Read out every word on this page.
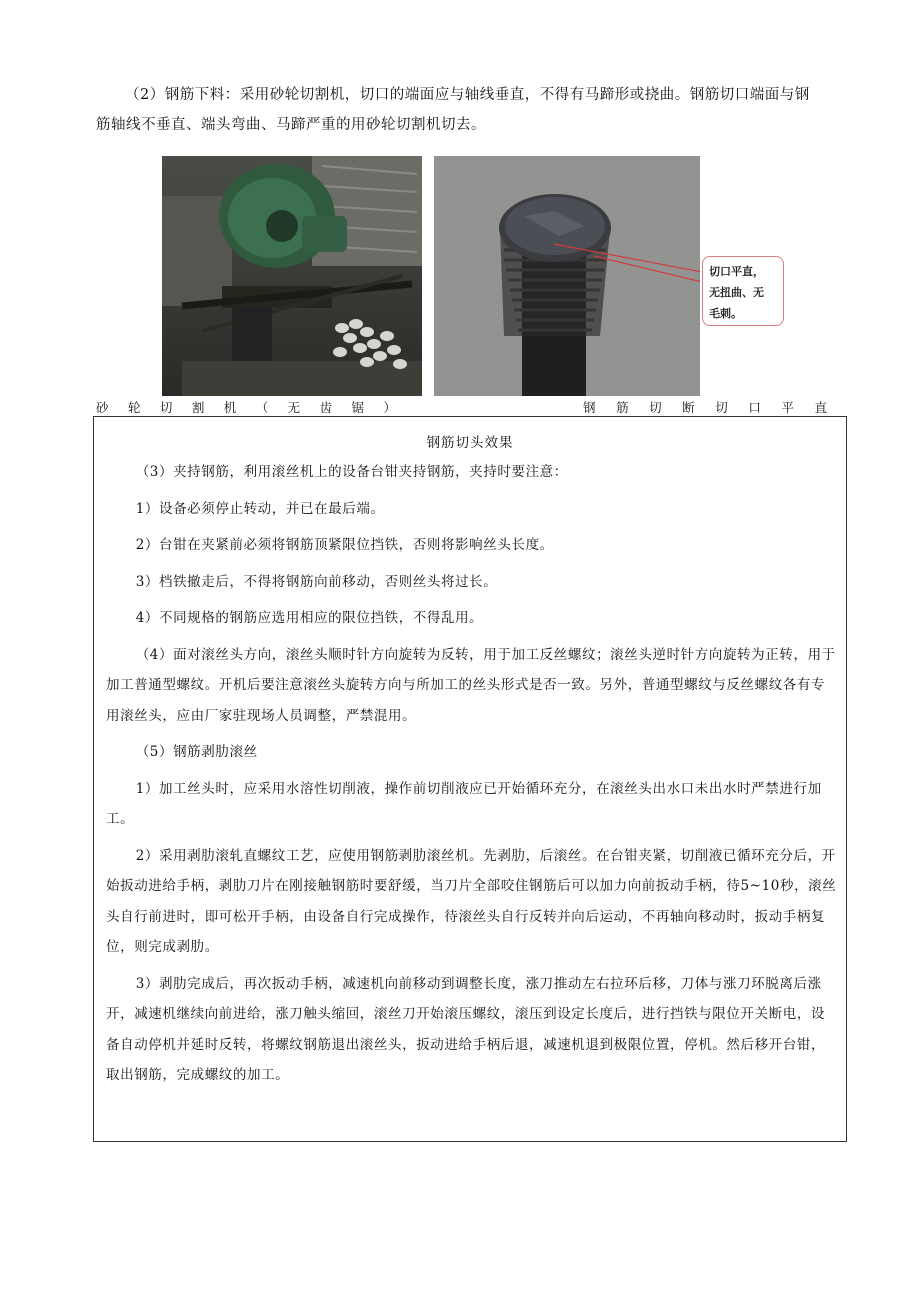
（2）钢筋下料：采用砂轮切割机，切口的端面应与轴线垂直，不得有马蹄形或挠曲。钢筋切口端面与钢

筋轴线不垂直、端头弯曲、马蹄严重的用砂轮切割机切去。

切口平直，
无扭曲、无
毛刺。
砂 轮 切 割 机 （ 无 齿 锯 ）	钢 筋 切 断 切 口 平 直
钢筋切头效果

（3）夹持钢筋，利用滚丝机上的设备台钳夹持钢筋，夹持时要注意：

1）设备必须停止转动，并已在最后端。

2）台钳在夹紧前必须将钢筋顶紧限位挡铁，否则将影响丝头长度。

3）档铁撤走后，不得将钢筋向前移动，否则丝头将过长。

4）不同规格的钢筋应选用相应的限位挡铁，不得乱用。

（4）面对滚丝头方向，滚丝头顺时针方向旋转为反转，用于加工反丝螺纹；滚丝头逆时针方向旋转为正转，用于加工普通型螺纹。开机后要注意滚丝头旋转方向与所加工的丝头形式是否一致。另外，普通型螺纹与反丝螺纹各有专用滚丝头，应由厂家驻现场人员调整，严禁混用。

（5）钢筋剥肋滚丝

1）加工丝头时，应采用水溶性切削液，操作前切削液应已开始循环充分，在滚丝头出水口未出水时严禁进行加工。

2）采用剥肋滚轧直螺纹工艺，应使用钢筋剥肋滚丝机。先剥肋，后滚丝。在台钳夹紧，切削液已循环充分后，开始扳动进给手柄，剥肋刀片在刚接触钢筋时要舒缓，当刀片全部咬住钢筋后可以加力向前扳动手柄，待5~10秒，滚丝头自行前进时，即可松开手柄，由设备自行完成操作，待滚丝头自行反转并向后运动，不再轴向移动时，扳动手柄复位，则完成剥肋。

3）剥肋完成后，再次扳动手柄，减速机向前移动到调整长度，涨刀推动左右拉环后移，刀体与涨刀环脱离后涨开，减速机继续向前进给，涨刀触头缩回，滚丝刀开始滚压螺纹，滚压到设定长度后，进行挡铁与限位开关断电，设备自动停机并延时反转，将螺纹钢筋退出滚丝头，扳动进给手柄后退，减速机退到极限位置，停机。然后移开台钳，取出钢筋，完成螺纹的加工。
